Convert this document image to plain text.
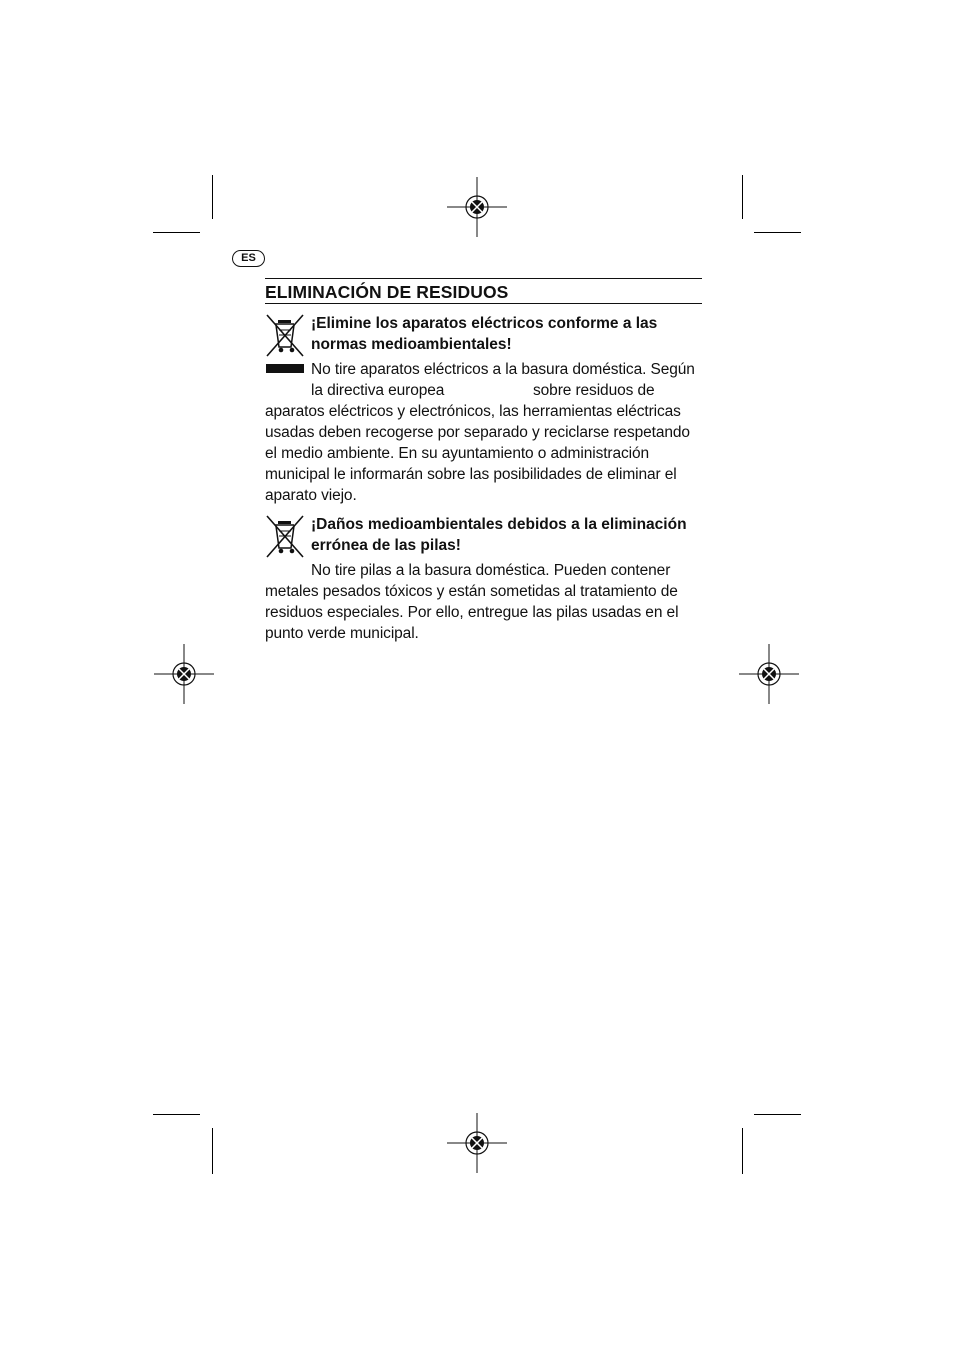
ES
ELIMINACIÓN DE RESIDUOS
¡Elimine los aparatos eléctricos conforme a las
normas medioambientales!
No tire aparatos eléctricos a la basura doméstica. Según
la directiva europea	sobre residuos de
aparatos eléctricos y electrónicos, las herramientas eléctricas
usadas deben recogerse por separado y reciclarse respetando
el medio ambiente. En su ayuntamiento o administración
municipal le informarán sobre las posibilidades de eliminar el
aparato viejo.
¡Daños medioambientales debidos a la eliminación
errónea de las pilas!
No tire pilas a la basura doméstica. Pueden contener
metales pesados tóxicos y están sometidas al tratamiento de
residuos especiales. Por ello, entregue las pilas usadas en el
punto verde municipal.
